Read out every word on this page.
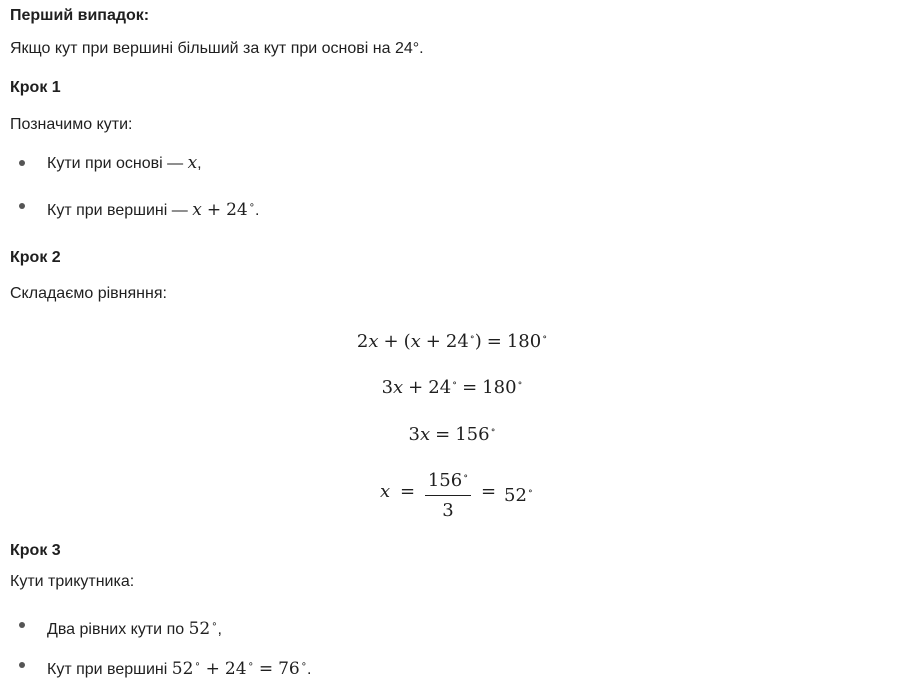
Перший випадок:
Якщо кут при вершині більший за кут при основі на 24°.
Крок 1
Позначимо кути:
Кути при основі — x,
Кут при вершині — x + 24∘.
Крок 2
Складаємо рівняння:
2x + (x + 24∘) = 180∘
3x + 24∘ = 180∘
3x = 156∘
x =
156∘
3
= 52∘
Крок 3
Кути трикутника:
Два рівних кути по 52∘,
Кут при вершині 52∘ + 24∘ = 76∘.
